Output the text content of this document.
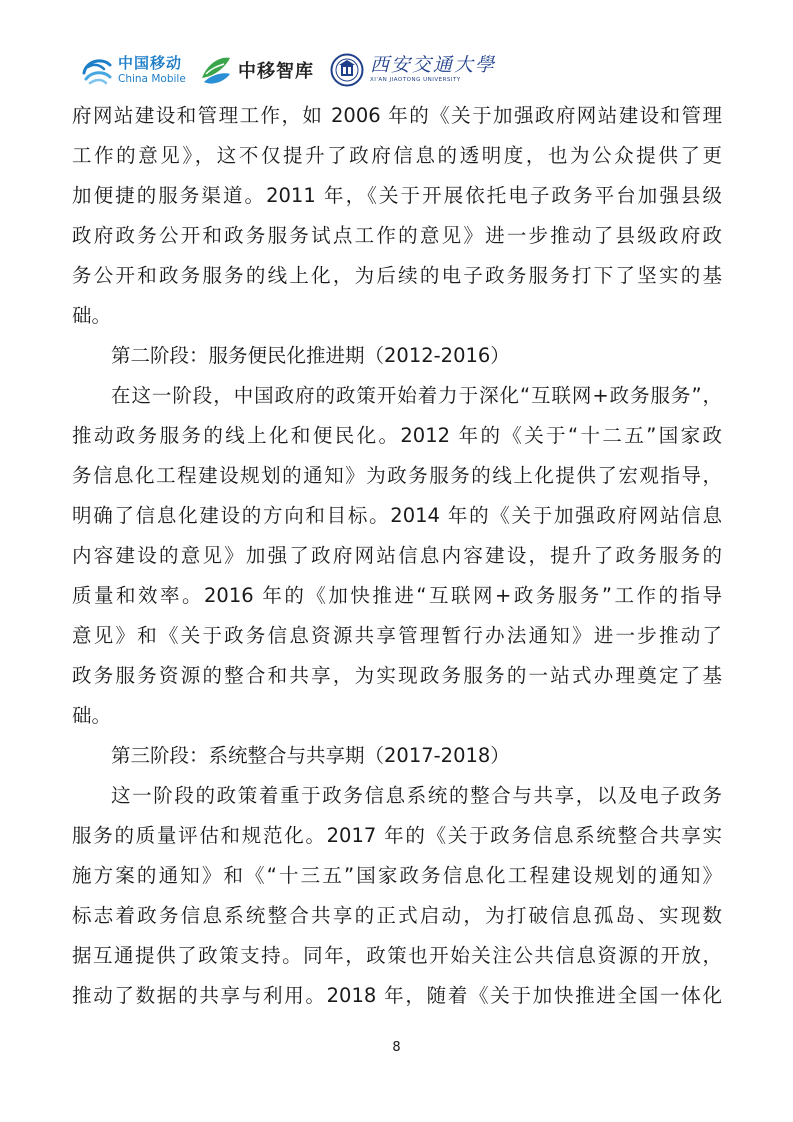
中国移动
China Mobile	中移智库	西安交通大學
XI'AN JIAOTONG UNIVERSITY
府网站建设和管理工作，如 2006 年的《关于加强政府网站建设和管理
工作的意见》，这不仅提升了政府信息的透明度，也为公众提供了更
加便捷的服务渠道。2011 年，《关于开展依托电子政务平台加强县级
政府政务公开和政务服务试点工作的意见》进一步推动了县级政府政
务公开和政务服务的线上化，为后续的电子政务服务打下了坚实的基
础。
第二阶段：服务便民化推进期（2012-2016）
在这一阶段，中国政府的政策开始着力于深化“互联网+政务服务”，
推动政务服务的线上化和便民化。2012 年的《关于“十二五”国家政
务信息化工程建设规划的通知》为政务服务的线上化提供了宏观指导，
明确了信息化建设的方向和目标。2014 年的《关于加强政府网站信息
内容建设的意见》加强了政府网站信息内容建设，提升了政务服务的
质量和效率。2016 年的《加快推进“互联网+政务服务”工作的指导
意见》和《关于政务信息资源共享管理暂行办法通知》进一步推动了
政务服务资源的整合和共享，为实现政务服务的一站式办理奠定了基
础。
第三阶段：系统整合与共享期（2017-2018）
这一阶段的政策着重于政务信息系统的整合与共享，以及电子政务
服务的质量评估和规范化。2017 年的《关于政务信息系统整合共享实
施方案的通知》和《“十三五”国家政务信息化工程建设规划的通知》
标志着政务信息系统整合共享的正式启动，为打破信息孤岛、实现数
据互通提供了政策支持。同年，政策也开始关注公共信息资源的开放，
推动了数据的共享与利用。2018 年，随着《关于加快推进全国一体化
8
